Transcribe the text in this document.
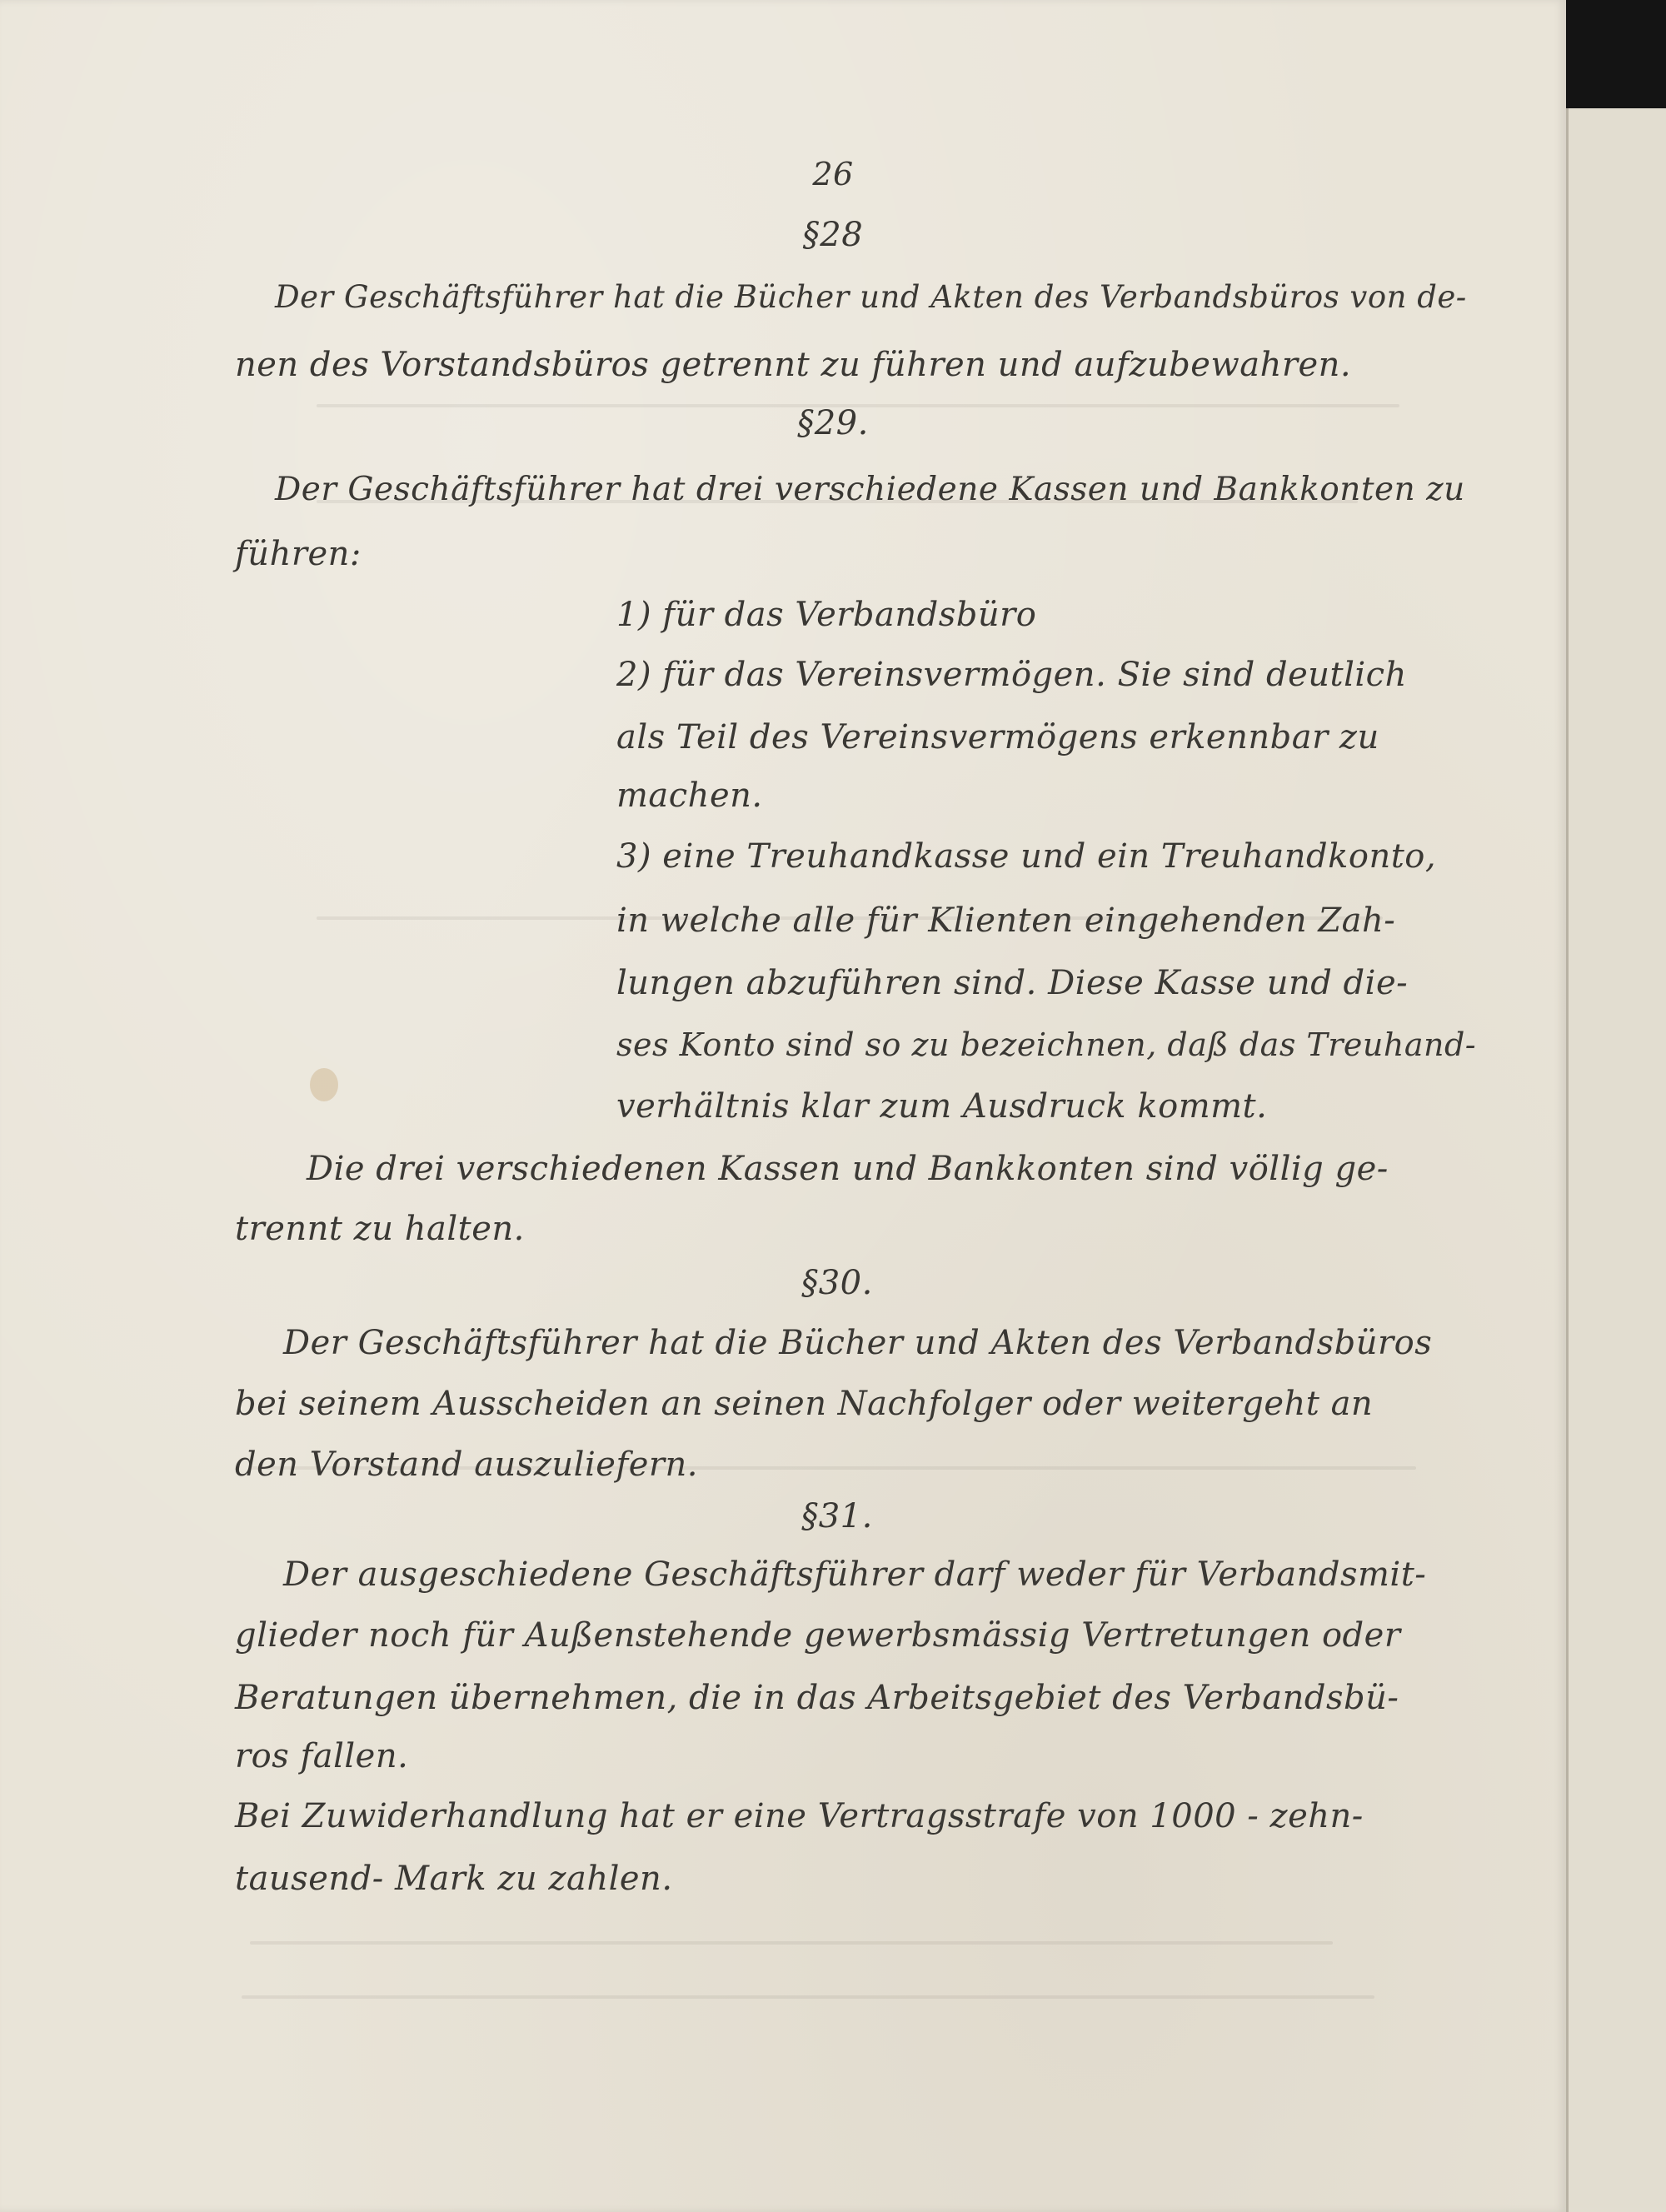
26

§28

Der Geschäftsführer hat die Bücher und Akten des Verbandsbüros von de-

nen des Vorstandsbüros getrennt zu führen und aufzubewahren.

§29.

Der Geschäftsführer hat drei verschiedene Kassen und Bankkonten zu

führen:

1) für das Verbandsbüro

2) für das Vereinsvermögen. Sie sind deutlich

als Teil des Vereinsvermögens erkennbar zu

machen.

3) eine Treuhandkasse und ein Treuhandkonto,

in welche alle für Klienten eingehenden Zah-

lungen abzuführen sind. Diese Kasse und die-

ses Konto sind so zu bezeichnen, daß das Treuhand-

verhältnis klar zum Ausdruck kommt.

Die drei verschiedenen Kassen und Bankkonten sind völlig ge-

trennt zu halten.

§30.

Der Geschäftsführer hat die Bücher und Akten des Verbandsbüros

bei seinem Ausscheiden an seinen Nachfolger oder weitergeht an

den Vorstand auszuliefern.

§31.

Der ausgeschiedene Geschäftsführer darf weder für Verbandsmit-

glieder noch für Außenstehende gewerbsmässig Vertretungen oder

Beratungen übernehmen, die in das Arbeitsgebiet des Verbandsbü-

ros fallen.

Bei Zuwiderhandlung hat er eine Vertragsstrafe von 1000 - zehn-

tausend- Mark zu zahlen.
